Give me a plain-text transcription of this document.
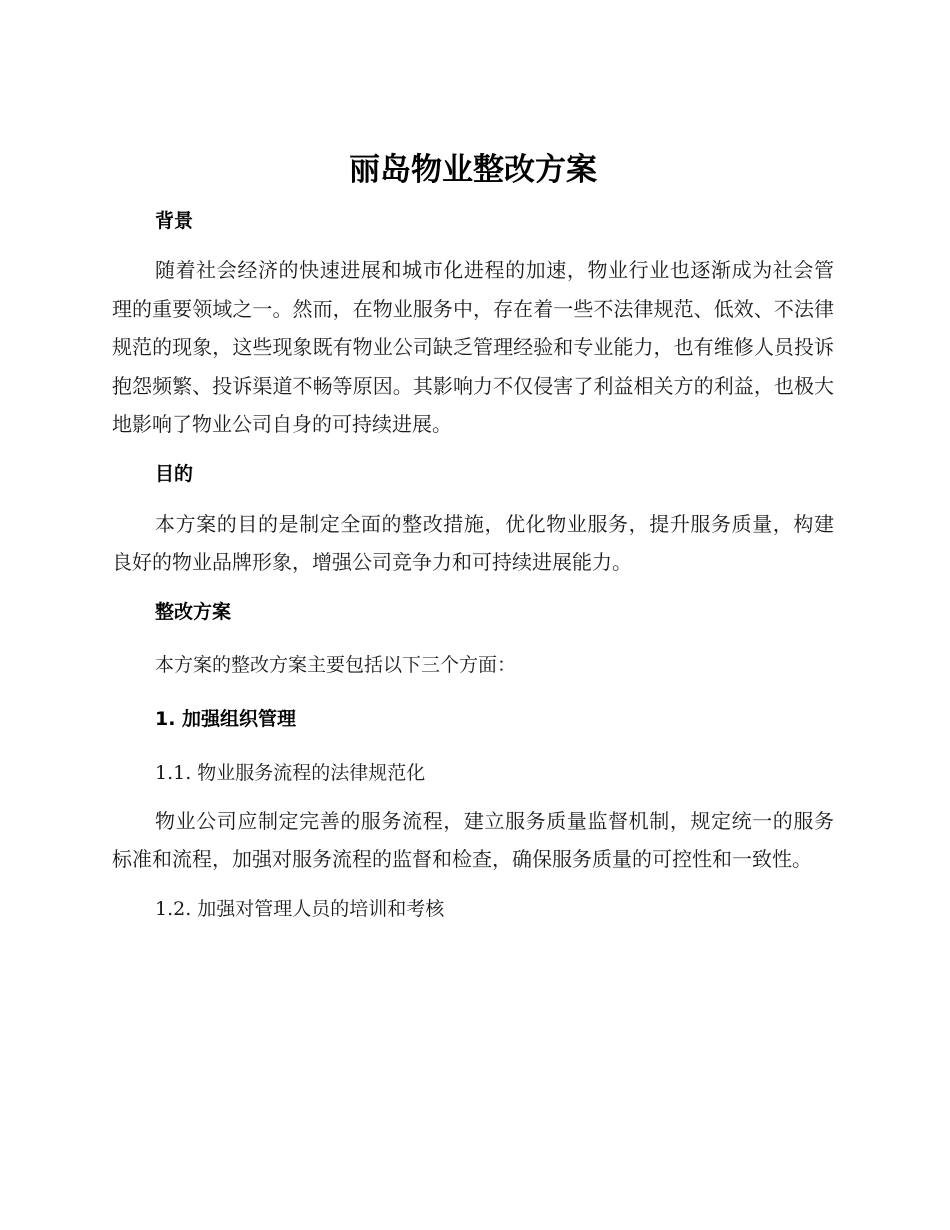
丽岛物业整改方案
背景

随着社会经济的快速进展和城市化进程的加速，物业行业也逐渐成为社会管理的重要领域之一。然而，在物业服务中，存在着一些不法律规范、低效、不法律规范的现象，这些现象既有物业公司缺乏管理经验和专业能力，也有维修人员投诉抱怨频繁、投诉渠道不畅等原因。其影响力不仅侵害了利益相关方的利益，也极大地影响了物业公司自身的可持续进展。

目的

本方案的目的是制定全面的整改措施，优化物业服务，提升服务质量，构建良好的物业品牌形象，增强公司竞争力和可持续进展能力。

整改方案

本方案的整改方案主要包括以下三个方面：

1. 加强组织管理

1.1. 物业服务流程的法律规范化

物业公司应制定完善的服务流程，建立服务质量监督机制，规定统一的服务标准和流程，加强对服务流程的监督和检查，确保服务质量的可控性和一致性。

1.2. 加强对管理人员的培训和考核
